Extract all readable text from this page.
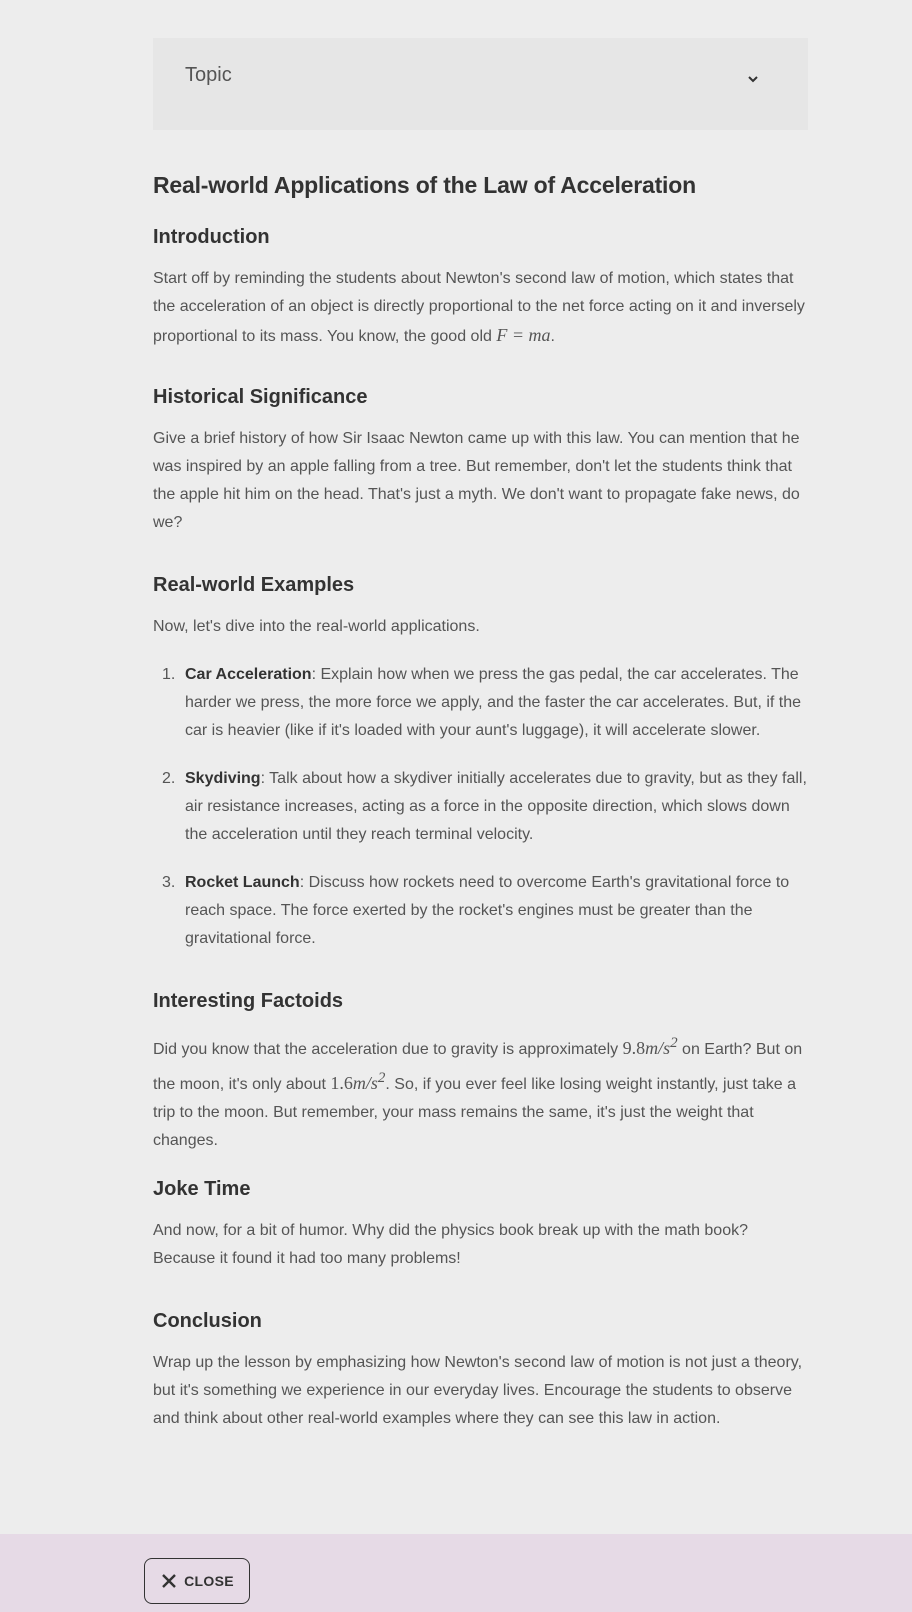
Topic
Real-world Applications of the Law of Acceleration
Introduction

Start off by reminding the students about Newton's second law of motion, which states that the acceleration of an object is directly proportional to the net force acting on it and inversely proportional to its mass. You know, the good old F = ma.

Historical Significance

Give a brief history of how Sir Isaac Newton came up with this law. You can mention that he was inspired by an apple falling from a tree. But remember, don't let the students think that the apple hit him on the head. That's just a myth. We don't want to propagate fake news, do we?

Real-world Examples

Now, let's dive into the real-world applications.

1. Car Acceleration: Explain how when we press the gas pedal, the car accelerates. The harder we press, the more force we apply, and the faster the car accelerates. But, if the car is heavier (like if it's loaded with your aunt's luggage), it will accelerate slower.
2. Skydiving: Talk about how a skydiver initially accelerates due to gravity, but as they fall, air resistance increases, acting as a force in the opposite direction, which slows down the acceleration until they reach terminal velocity.
3. Rocket Launch: Discuss how rockets need to overcome Earth's gravitational force to reach space. The force exerted by the rocket's engines must be greater than the gravitational force.
Interesting Factoids

Did you know that the acceleration due to gravity is approximately $9.8m/s^2$ on Earth? But on the moon, it's only about $1.6m/s^2$. So, if you ever feel like losing weight instantly, just take a trip to the moon. But remember, your mass remains the same, it's just the weight that changes.

Joke Time

And now, for a bit of humor. Why did the physics book break up with the math book? Because it found it had too many problems!

Conclusion

Wrap up the lesson by emphasizing how Newton's second law of motion is not just a theory, but it's something we experience in our everyday lives. Encourage the students to observe and think about other real-world examples where they can see this law in action.

CLOSE
